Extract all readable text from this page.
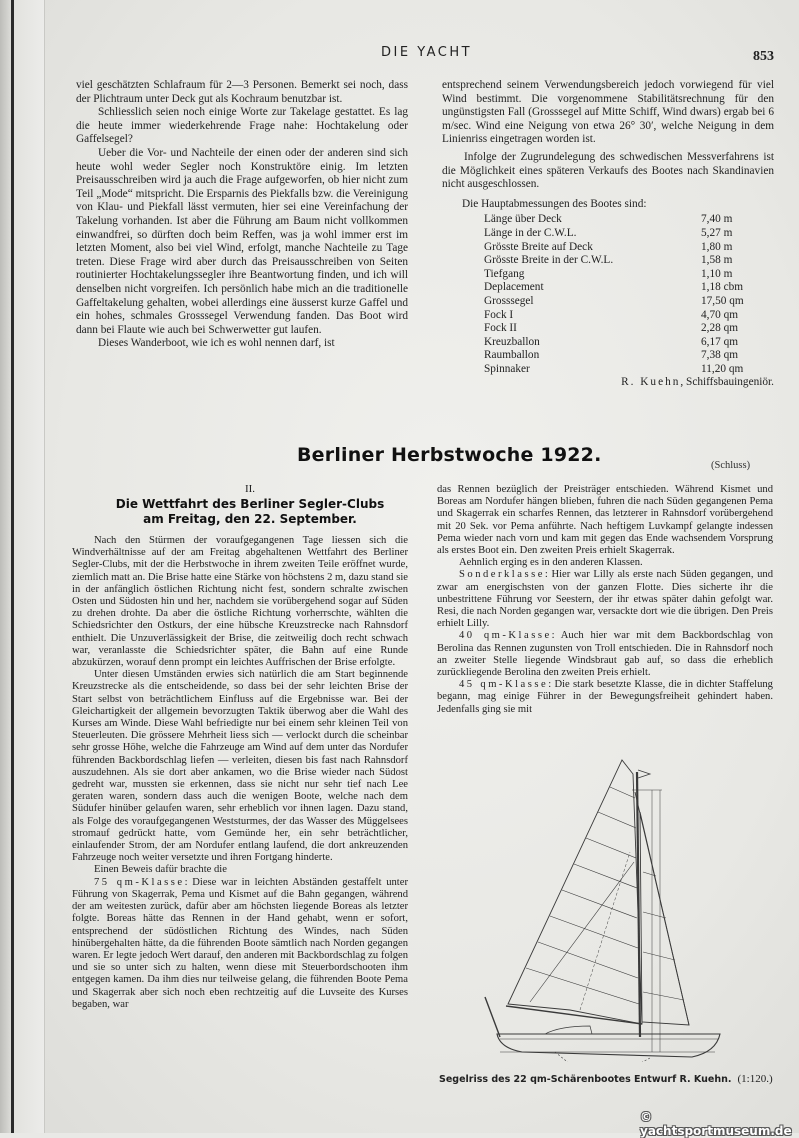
DIE YACHT	853

viel geschätzten Schlafraum für 2—3 Personen. Bemerkt sei noch, dass der Plichtraum unter Deck gut als Kochraum benutzbar ist.

Schliesslich seien noch einige Worte zur Takelage gestattet. Es lag die heute immer wiederkehrende Frage nahe: Hochtakelung oder Gaffelsegel?

Ueber die Vor- und Nachteile der einen oder der anderen sind sich heute wohl weder Segler noch Konstruktöre einig. Im letzten Preisausschreiben wird ja auch die Frage aufgeworfen, ob hier nicht zum Teil „Mode“ mitspricht. Die Ersparnis des Piekfalls bzw. die Vereinigung von Klau- und Piekfall lässt vermuten, hier sei eine Vereinfachung der Takelung vorhanden. Ist aber die Führung am Baum nicht vollkommen einwandfrei, so dürften doch beim Reffen, was ja wohl immer erst im letzten Moment, also bei viel Wind, erfolgt, manche Nachteile zu Tage treten. Diese Frage wird aber durch das Preisausschreiben von Seiten routinierter Hochtakelungssegler ihre Beantwortung finden, und ich will denselben nicht vorgreifen. Ich persönlich habe mich an die traditionelle Gaffeltakelung gehalten, wobei allerdings eine äusserst kurze Gaffel und ein hohes, schmales Grosssegel Verwendung fanden. Das Boot wird dann bei Flaute wie auch bei Schwerwetter gut laufen.

Dieses Wanderboot, wie ich es wohl nennen darf, ist

entsprechend seinem Verwendungsbereich jedoch vorwiegend für viel Wind bestimmt. Die vorgenommene Stabilitätsrechnung für den ungünstigsten Fall (Grosssegel auf Mitte Schiff, Wind dwars) ergab bei 6 m/sec. Wind eine Neigung von etwa 26° 30′, welche Neigung in dem Linienriss eingetragen worden ist.

Infolge der Zugrundelegung des schwedischen Messverfahrens ist die Möglichkeit eines späteren Verkaufs des Bootes nach Skandinavien nicht ausgeschlossen.

Die Hauptabmessungen des Bootes sind:

Länge über Deck	7,40 m
Länge in der C.W.L.	5,27 m
Grösste Breite auf Deck	1,80 m
Grösste Breite in der C.W.L.	1,58 m
Tiefgang	1,10 m
Deplacement	1,18 cbm
Grosssegel	17,50 qm
Fock I	4,70 qm
Fock II	2,28 qm
Kreuzballon	6,17 qm
Raumballon	7,38 qm
Spinnaker	11,20 qm

R. Kuehn, Schiffsbauingeniör.

Berliner Herbstwoche 1922.	(Schluss)
II.
Die Wettfahrt des Berliner Segler-Clubs
am Freitag, den 22. September.

Nach den Stürmen der voraufgegangenen Tage liessen sich die Windverhältnisse auf der am Freitag abgehaltenen Wettfahrt des Berliner Segler-Clubs, mit der die Herbstwoche in ihrem zweiten Teile eröffnet wurde, ziemlich matt an. Die Brise hatte eine Stärke von höchstens 2 m, dazu stand sie in der anfänglich östlichen Richtung nicht fest, sondern schralte zwischen Osten und Südosten hin und her, nachdem sie vorübergehend sogar auf Süden zu drehen drohte. Da aber die östliche Richtung vorherrschte, wählten die Schiedsrichter den Ostkurs, der eine hübsche Kreuzstrecke nach Rahnsdorf enthielt. Die Unzuverlässigkeit der Brise, die zeitweilig doch recht schwach war, veranlasste die Schiedsrichter später, die Bahn auf eine Runde abzukürzen, worauf denn prompt ein leichtes Auffrischen der Brise erfolgte.

Unter diesen Umständen erwies sich natürlich die am Start beginnende Kreuzstrecke als die entscheidende, so dass bei der sehr leichten Brise der Start selbst von beträchtlichem Einfluss auf die Ergebnisse war. Bei der Gleichartigkeit der allgemein bevorzugten Taktik überwog aber die Wahl des Kurses am Winde. Diese Wahl befriedigte nur bei einem sehr kleinen Teil von Steuerleuten. Die grössere Mehrheit liess sich — verlockt durch die scheinbar sehr grosse Höhe, welche die Fahrzeuge am Wind auf dem unter das Nordufer führenden Backbordschlag liefen — verleiten, diesen bis fast nach Rahnsdorf auszudehnen. Als sie dort aber ankamen, wo die Brise wieder nach Südost gedreht war, mussten sie erkennen, dass sie nicht nur sehr tief nach Lee geraten waren, sondern dass auch die wenigen Boote, welche nach dem Südufer hinüber gelaufen waren, sehr erheblich vor ihnen lagen. Dazu stand, als Folge des voraufgegangenen Weststurmes, der das Wasser des Müggelsees stromauf gedrückt hatte, vom Gemünde her, ein sehr beträchtlicher, einlaufender Strom, der am Nordufer entlang laufend, die dort ankreuzenden Fahrzeuge noch weiter versetzte und ihren Fortgang hinderte.

Einen Beweis dafür brachte die

75 qm-Klasse: Diese war in leichten Abständen gestaffelt unter Führung von Skagerrak, Pema und Kismet auf die Bahn gegangen, während der am weitesten zurück, dafür aber am höchsten liegende Boreas als letzter folgte. Boreas hätte das Rennen in der Hand gehabt, wenn er sofort, entsprechend der südöstlichen Richtung des Windes, nach Süden hinübergehalten hätte, da die führenden Boote sämtlich nach Norden gegangen waren. Er legte jedoch Wert darauf, den anderen mit Backbordschlag zu folgen und sie so unter sich zu halten, wenn diese mit Steuerbordschooten ihm entgegen kamen. Da ihm dies nur teilweise gelang, die führenden Boote Pema und Skagerrak aber sich noch eben rechtzeitig auf die Luvseite des Kurses begaben, war

das Rennen bezüglich der Preisträger entschieden. Während Kismet und Boreas am Nordufer hängen blieben, fuhren die nach Süden gegangenen Pema und Skagerrak ein scharfes Rennen, das letzterer in Rahnsdorf vorübergehend mit 20 Sek. vor Pema anführte. Nach heftigem Luvkampf gelangte indessen Pema wieder nach vorn und kam mit gegen das Ende wachsendem Vorsprung als erstes Boot ein. Den zweiten Preis erhielt Skagerrak.

Aehnlich erging es in den anderen Klassen.

Sonderklasse: Hier war Lilly als erste nach Süden gegangen, und zwar am energischsten von der ganzen Flotte. Dies sicherte ihr die unbestrittene Führung vor Seestern, der ihr etwas später dahin gefolgt war. Resi, die nach Norden gegangen war, versackte dort wie die übrigen. Den Preis erhielt Lilly.

40 qm-Klasse: Auch hier war mit dem Backbordschlag von Berolina das Rennen zugunsten von Troll entschieden. Die in Rahnsdorf noch an zweiter Stelle liegende Windsbraut gab auf, so dass die erheblich zurückliegende Berolina den zweiten Preis erhielt.

45 qm-Klasse: Die stark besetzte Klasse, die in dichter Staffelung begann, mag einige Führer in der Bewegungsfreiheit gehindert haben. Jedenfalls ging sie mit

Segelriss des 22 qm-Schärenbootes Entwurf R. Kuehn. (1:120.)
© yachtsportmuseum.de
